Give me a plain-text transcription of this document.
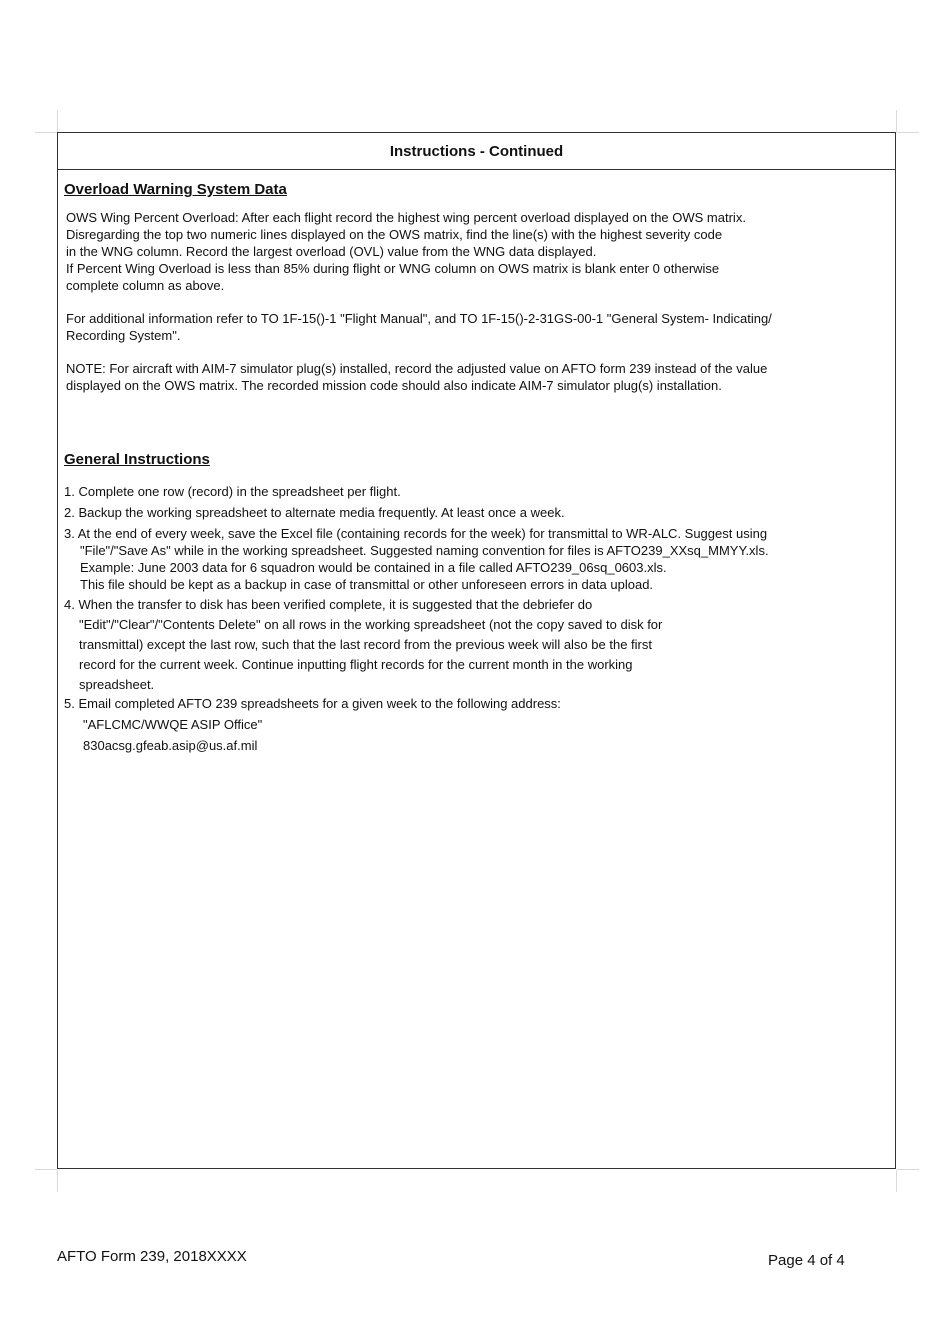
Instructions - Continued
Overload Warning System Data

OWS Wing Percent Overload: After each flight record the highest wing percent overload displayed on the OWS matrix.
Disregarding the top two numeric lines displayed on the OWS matrix, find the line(s) with the highest severity code
in the WNG column. Record the largest overload (OVL) value from the WNG data displayed.
If Percent Wing Overload is less than 85% during flight or WNG column on OWS matrix is blank enter 0 otherwise
complete column as above.

For additional information refer to TO 1F-15()-1 "Flight Manual", and TO 1F-15()-2-31GS-00-1 "General System- Indicating/
Recording System".

NOTE: For aircraft with AIM-7 simulator plug(s) installed, record the adjusted value on AFTO form 239 instead of the value
displayed on the OWS matrix. The recorded mission code should also indicate AIM-7 simulator plug(s) installation.

General Instructions
1. Complete one row (record) in the spreadsheet per flight.
2. Backup the working spreadsheet to alternate media frequently. At least once a week.
3. At the end of every week, save the Excel file (containing records for the week) for transmittal to WR-ALC. Suggest using
"File"/"Save As" while in the working spreadsheet. Suggested naming convention for files is AFTO239_XXsq_MMYY.xls.
Example: June 2003 data for 6 squadron would be contained in a file called AFTO239_06sq_0603.xls.
This file should be kept as a backup in case of transmittal or other unforeseen errors in data upload.
4. When the transfer to disk has been verified complete, it is suggested that the debriefer do
"Edit"/"Clear"/"Contents Delete" on all rows in the working spreadsheet (not the copy saved to disk for
transmittal) except the last row, such that the last record from the previous week will also be the first
record for the current week. Continue inputting flight records for the current month in the working
spreadsheet.
5. Email completed AFTO 239 spreadsheets for a given week to the following address:
"AFLCMC/WWQE ASIP Office"
830acsg.gfeab.asip@us.af.mil
AFTO Form 239, 2018XXXX	Page 4 of 4
